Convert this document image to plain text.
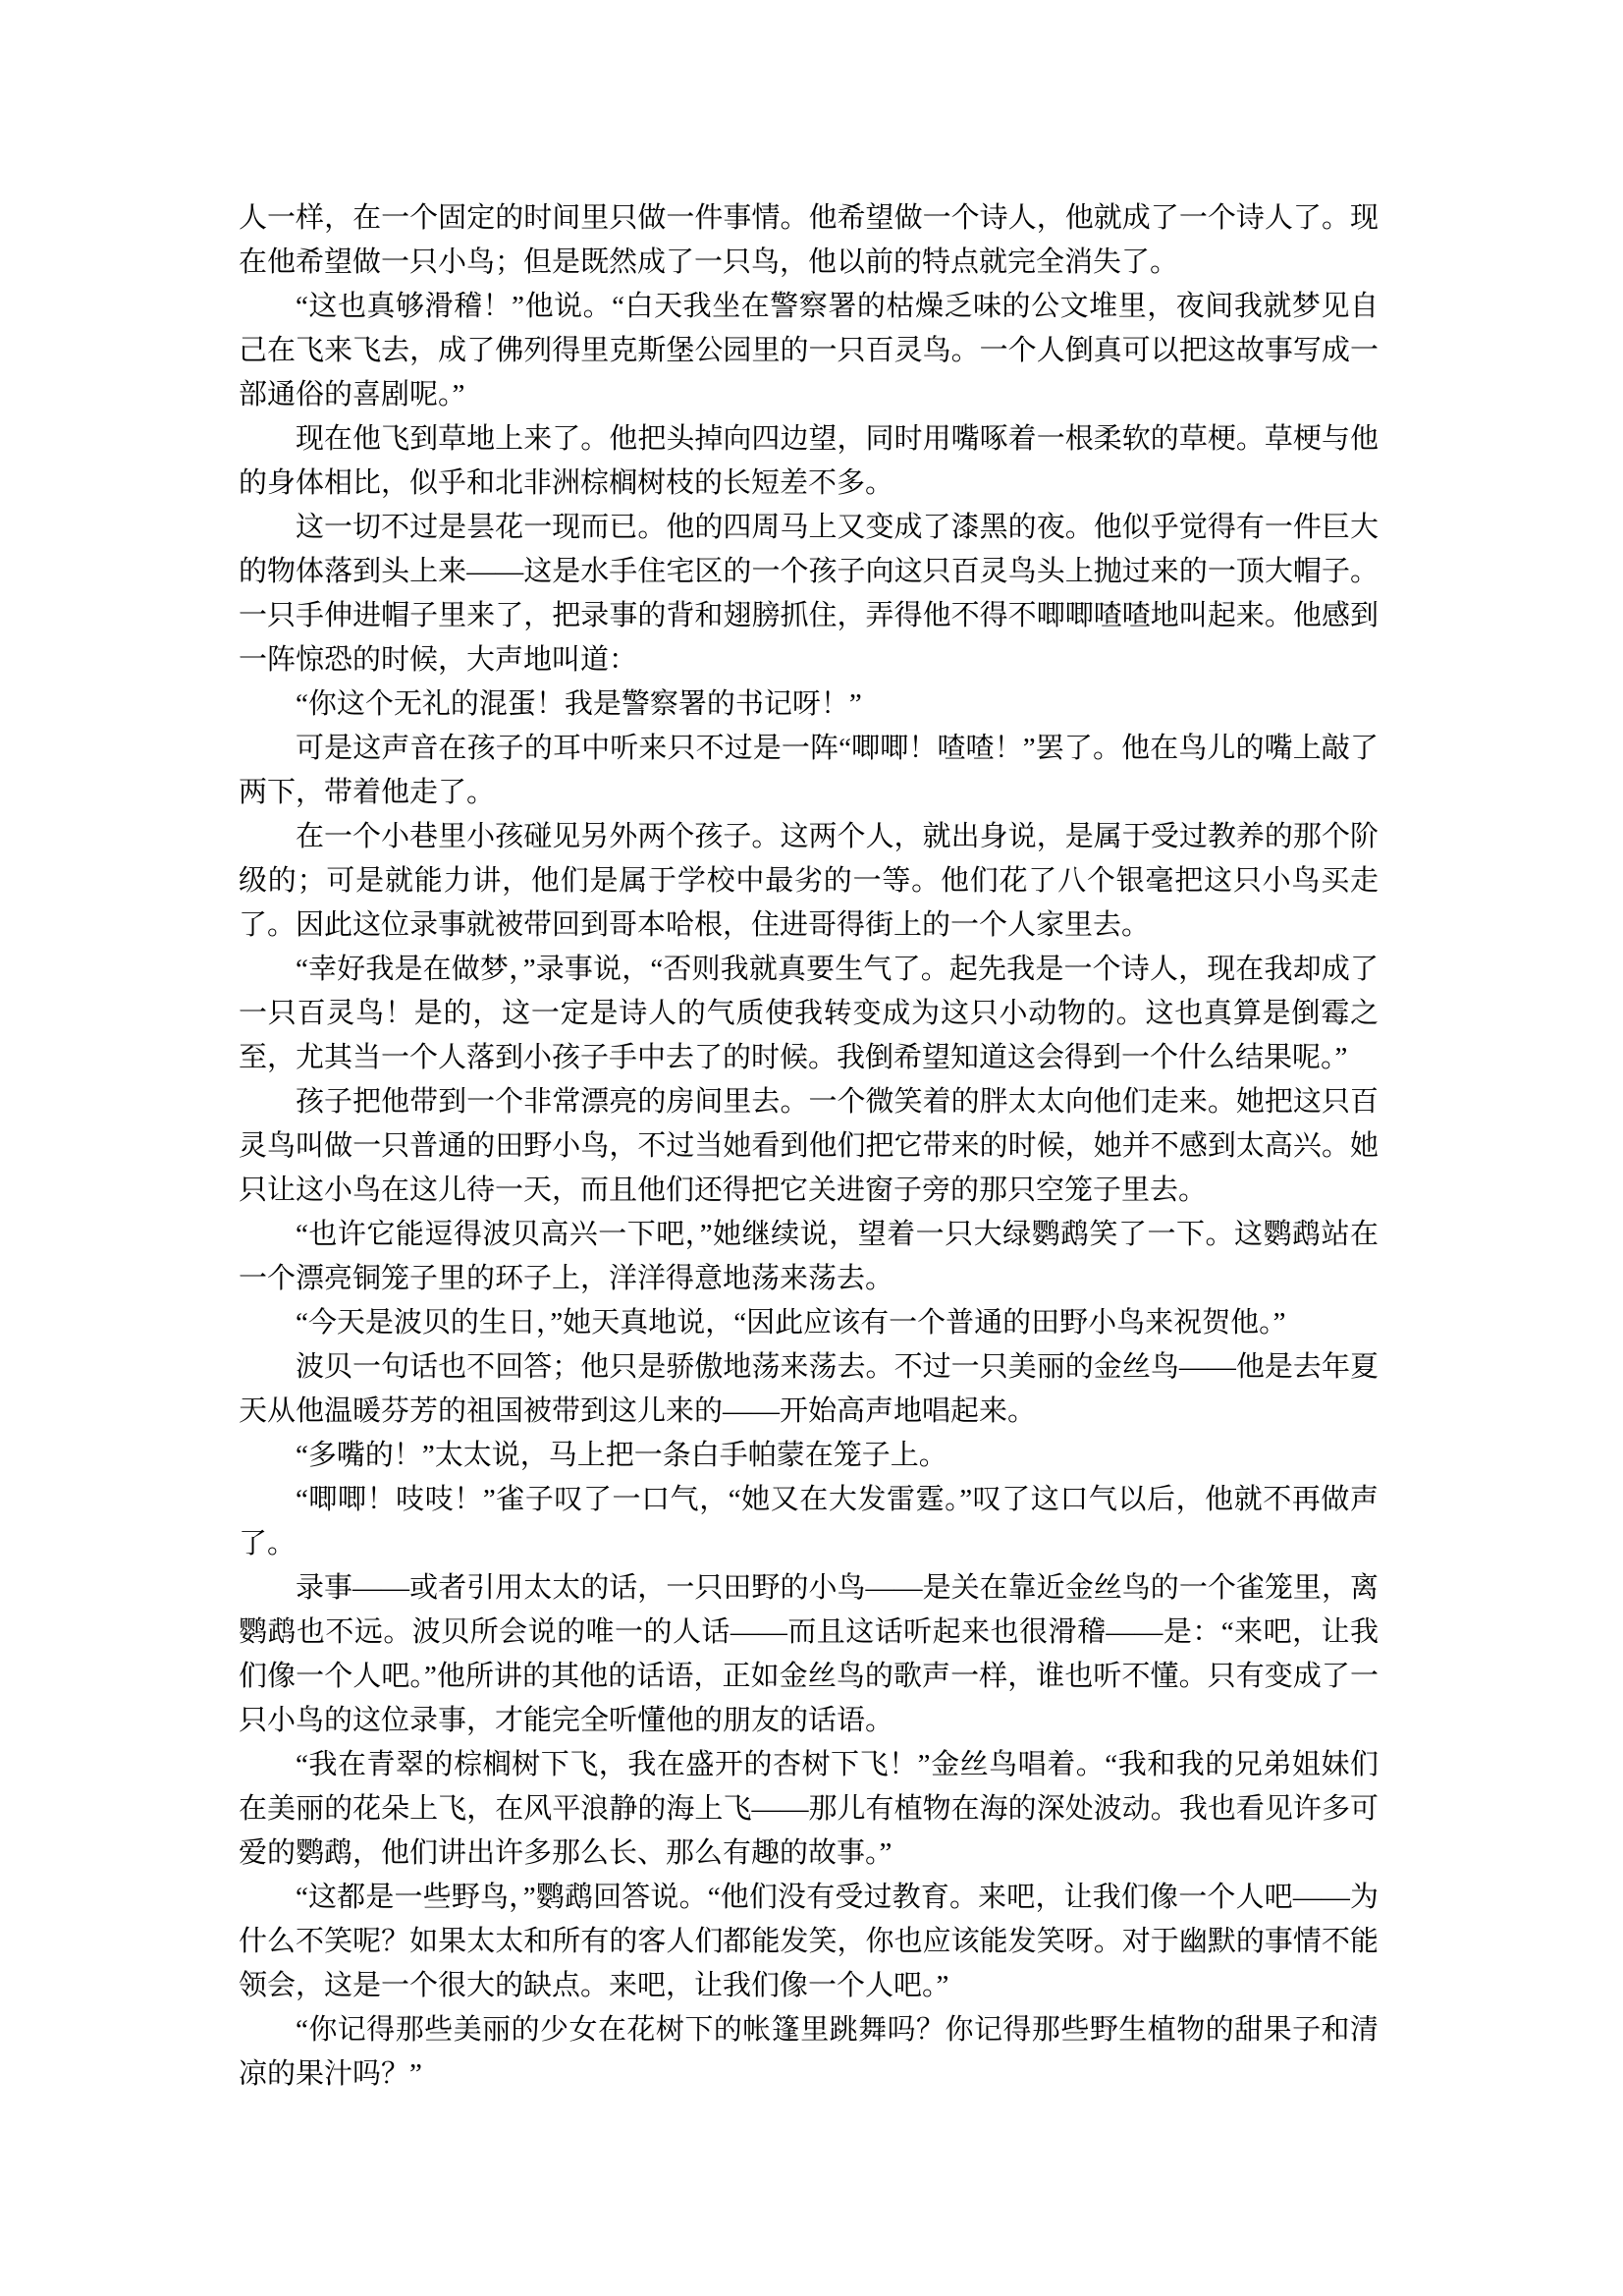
人一样，在一个固定的时间里只做一件事情。他希望做一个诗人，他就成了一个诗人了。现在他希望做一只小鸟；但是既然成了一只鸟，他以前的特点就完全消失了。

“这也真够滑稽！”他说。“白天我坐在警察署的枯燥乏味的公文堆里，夜间我就梦见自己在飞来飞去，成了佛列得里克斯堡公园里的一只百灵鸟。一个人倒真可以把这故事写成一部通俗的喜剧呢。”

现在他飞到草地上来了。他把头掉向四边望，同时用嘴啄着一根柔软的草梗。草梗与他的身体相比，似乎和北非洲棕榈树枝的长短差不多。

这一切不过是昙花一现而已。他的四周马上又变成了漆黑的夜。他似乎觉得有一件巨大的物体落到头上来——这是水手住宅区的一个孩子向这只百灵鸟头上抛过来的一顶大帽子。一只手伸进帽子里来了，把录事的背和翅膀抓住，弄得他不得不唧唧喳喳地叫起来。他感到一阵惊恐的时候，大声地叫道：

“你这个无礼的混蛋！我是警察署的书记呀！”

可是这声音在孩子的耳中听来只不过是一阵“唧唧！喳喳！”罢了。他在鸟儿的嘴上敲了两下，带着他走了。

在一个小巷里小孩碰见另外两个孩子。这两个人，就出身说，是属于受过教养的那个阶级的；可是就能力讲，他们是属于学校中最劣的一等。他们花了八个银毫把这只小鸟买走了。因此这位录事就被带回到哥本哈根，住进哥得街上的一个人家里去。

“幸好我是在做梦，”录事说，“否则我就真要生气了。起先我是一个诗人，现在我却成了一只百灵鸟！是的，这一定是诗人的气质使我转变成为这只小动物的。这也真算是倒霉之至，尤其当一个人落到小孩子手中去了的时候。我倒希望知道这会得到一个什么结果呢。”

孩子把他带到一个非常漂亮的房间里去。一个微笑着的胖太太向他们走来。她把这只百灵鸟叫做一只普通的田野小鸟，不过当她看到他们把它带来的时候，她并不感到太高兴。她只让这小鸟在这儿待一天，而且他们还得把它关进窗子旁的那只空笼子里去。

“也许它能逗得波贝高兴一下吧，”她继续说，望着一只大绿鹦鹉笑了一下。这鹦鹉站在一个漂亮铜笼子里的环子上，洋洋得意地荡来荡去。

“今天是波贝的生日，”她天真地说，“因此应该有一个普通的田野小鸟来祝贺他。”

波贝一句话也不回答；他只是骄傲地荡来荡去。不过一只美丽的金丝鸟——他是去年夏天从他温暖芬芳的祖国被带到这儿来的——开始高声地唱起来。

“多嘴的！”太太说，马上把一条白手帕蒙在笼子上。

“唧唧！吱吱！”雀子叹了一口气，“她又在大发雷霆。”叹了这口气以后，他就不再做声了。

录事——或者引用太太的话，一只田野的小鸟——是关在靠近金丝鸟的一个雀笼里，离鹦鹉也不远。波贝所会说的唯一的人话——而且这话听起来也很滑稽——是：“来吧，让我们像一个人吧。”他所讲的其他的话语，正如金丝鸟的歌声一样，谁也听不懂。只有变成了一只小鸟的这位录事，才能完全听懂他的朋友的话语。

“我在青翠的棕榈树下飞，我在盛开的杏树下飞！”金丝鸟唱着。“我和我的兄弟姐妹们在美丽的花朵上飞，在风平浪静的海上飞——那儿有植物在海的深处波动。我也看见许多可爱的鹦鹉，他们讲出许多那么长、那么有趣的故事。”

“这都是一些野鸟，”鹦鹉回答说。“他们没有受过教育。来吧，让我们像一个人吧——为什么不笑呢？如果太太和所有的客人们都能发笑，你也应该能发笑呀。对于幽默的事情不能领会，这是一个很大的缺点。来吧，让我们像一个人吧。”

“你记得那些美丽的少女在花树下的帐篷里跳舞吗？你记得那些野生植物的甜果子和清凉的果汁吗？”
